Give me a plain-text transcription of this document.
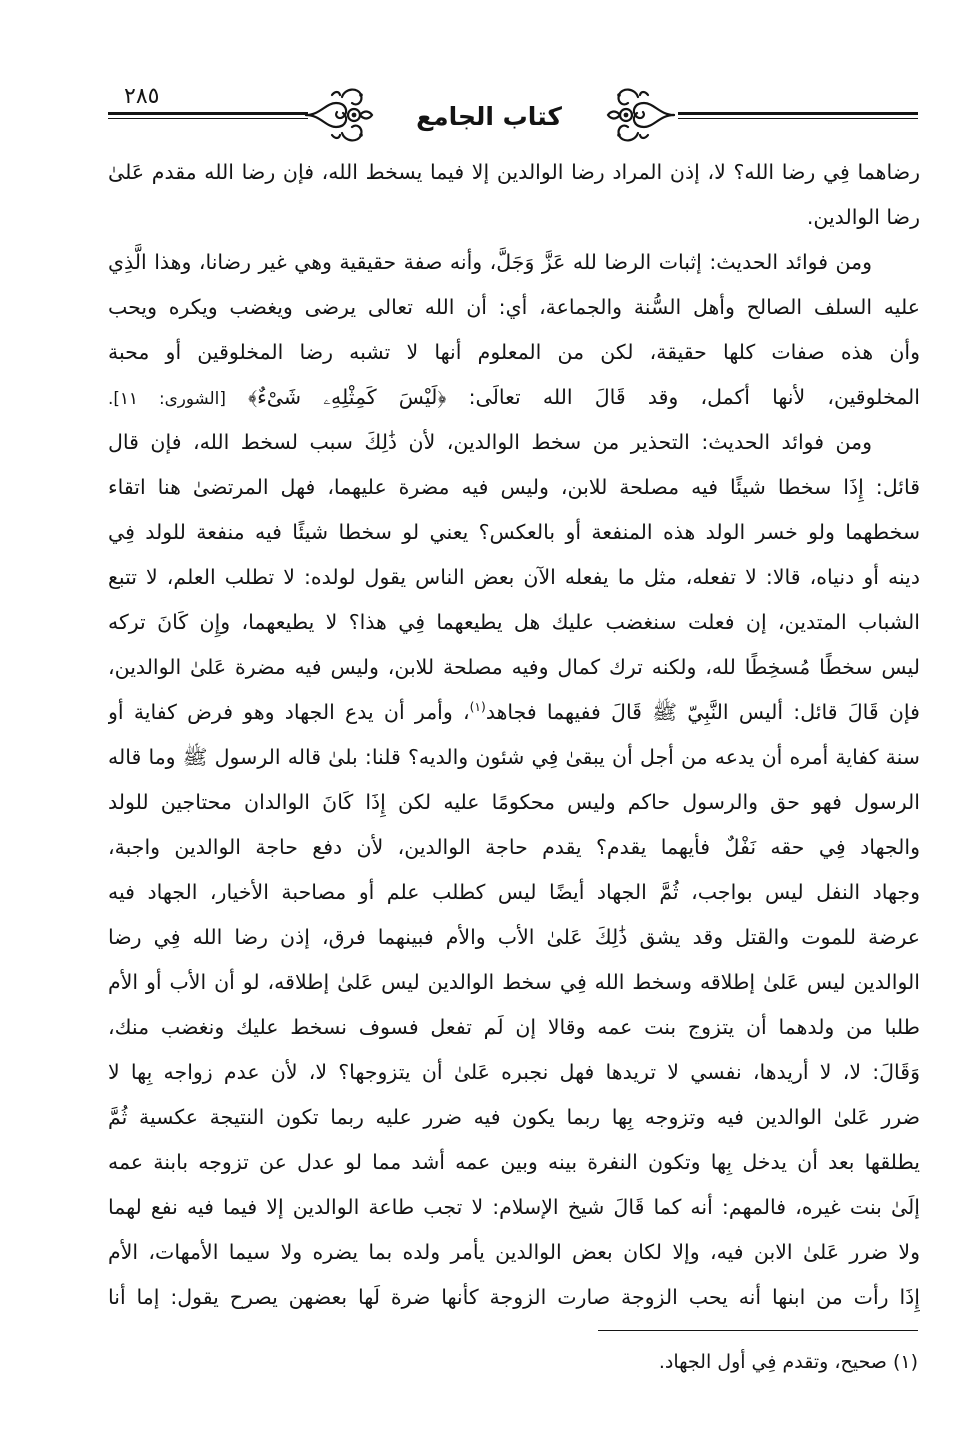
٢٨٥
كتاب الجامع
رضاهما فِي رضا الله؟ لا، إذن المراد رضا الوالدين إلا فيما يسخط الله، فإن رضا الله مقدم عَلىٰ
رضا الوالدين.
ومن فوائد الحديث: إثبات الرضا لله عَزَّ وَجَلَّ، وأنه صفة حقيقية وهي غير رضانا، وهذا الَّذِي
عليه السلف الصالح وأهل السُّنة والجماعة، أي: أن الله تعالى يرضى ويغضب ويكره ويحب
وأن هذه صفات كلها حقيقة، لكن من المعلوم أنها لا تشبه رضا المخلوقين أو محبة
المخلوقين، لأنها أكمل، وقد قَالَ الله تعالَى: ﴿لَيْسَ كَمِثْلِهِۦ شَىْءٌ﴾ [الشورى: ١١].
ومن فوائد الحديث: التحذير من سخط الوالدين، لأن ذَٰلِكَ سبب لسخط الله، فإن قال
قائل: إِذَا سخطا شيئًا فيه مصلحة للابن، وليس فيه مضرة عليهما، فهل المرتضىٰ هنا اتقاء
سخطهما ولو خسر الولد هذه المنفعة أو بالعكس؟ يعني لو سخطا شيئًا فيه منفعة للولد فِي
دينه أو دنياه، قالا: لا تفعله، مثل ما يفعله الآن بعض الناس يقول لولده: لا تطلب العلم، لا تتبع
الشباب المتدين، إن فعلت سنغضب عليك هل يطيعهما فِي هذا؟ لا يطيعهما، وإِن كَانَ تركه
ليس سخطًا مُسخِطًا لله، ولكنه ترك كمال وفيه مصلحة للابن، وليس فيه مضرة عَلىٰ الوالدين،
فإن قَالَ قائل: أليس النَّبِيّ ﷺ قَالَ ففيهما فجاهد$^{(١)}$، وأمر أن يدع الجهاد وهو فرض كفاية أو
سنة كفاية أمره أن يدعه من أجل أن يبقىٰ فِي شئون والديه؟ قلنا: بلىٰ قاله الرسول ﷺ وما قاله
الرسول فهو حق والرسول حاكم وليس محكومًا عليه لكن إِذَا كَانَ الوالدان محتاجين للولد
والجهاد فِي حقه نَفْلٌ فأيهما يقدم؟ يقدم حاجة الوالدين، لأن دفع حاجة الوالدين واجبة،
وجهاد النفل ليس بواجب، ثُمَّ الجهاد أيضًا ليس كطلب علم أو مصاحبة الأخيار، الجهاد فيه
عرضة للموت والقتل وقد يشق ذَٰلِكَ عَلىٰ الأب والأم فبينهما فرق، إذن رضا الله فِي رضا
الوالدين ليس عَلىٰ إطلاقه وسخط الله فِي سخط الوالدين ليس عَلىٰ إطلاقه، لو أن الأب أو الأم
طلبا من ولدهما أن يتزوج بنت عمه وقالا إن لَم تفعل فسوف نسخط عليك ونغضب منك،
وَقَالَ: لا، لا أريدها، نفسي لا تريدها فهل نجبره عَلىٰ أن يتزوجها؟ لا، لأن عدم زواجه بِها لا
ضرر عَلىٰ الوالدين فيه وتزوجه بِها ربما يكون فيه ضرر عليه ربما تكون النتيجة عكسية ثُمَّ
يطلقها بعد أن يدخل بِها وتكون النفرة بينه وبين عمه أشد مما لو عدل عن تزوجه بابنة عمه
إلَىٰ بنت غيره، فالمهم: أنه كما قَالَ شيخ الإسلام: لا تجب طاعة الوالدين إلا فيما فيه نفع لهما
ولا ضرر عَلىٰ الابن فيه، وإلا لكان بعض الوالدين يأمر ولده بما يضره ولا سيما الأمهات، الأم
إِذَا رأت من ابنها أنه يحب الزوجة صارت الزوجة كأنها ضرة لَها بعضهن يصرح يقول: إما أنا
(١) صحيح، وتقدم فِي أول الجهاد.
